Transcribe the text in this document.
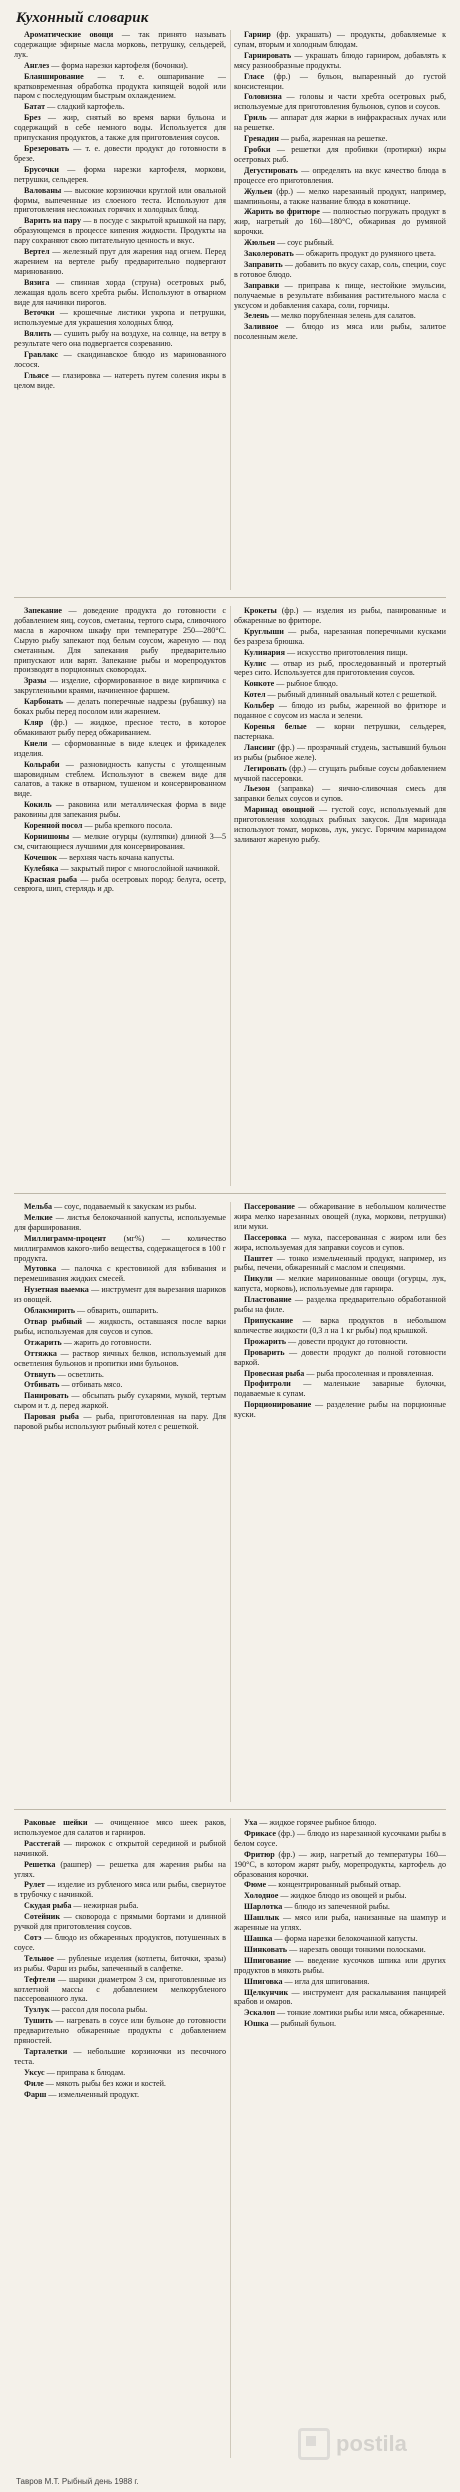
Кухонный словарик

Ароматические овощи — так принято называть содержащие эфирные масла морковь, петрушку, сельдерей, лук.

Англез — форма нарезки картофеля (бочонки).

Бланширование — т. е. ошпаривание — кратковременная обработка продукта кипящей водой или паром с последующим быстрым охлаждением.

Батат — сладкий картофель.

Брез — жир, снятый во время варки бульона и содержащий в себе немного воды. Используется для припускания продуктов, а также для приготовления соусов.

Брезеровать — т. е. довести продукт до готовности в брезе.

Брусочки — форма нарезки картофеля, моркови, петрушки, сельдерея.

Валованы — высокие корзиночки круглой или овальной формы, выпеченные из слоеного теста. Используют для приготовления несложных горячих и холодных блюд.

Варить на пару — в посуде с закрытой крышкой на пару, образующемся в процессе кипения жидкости. Продукты на пару сохраняют свою питательную ценность и вкус.

Вертел — железный прут для жарения над огнем. Перед жарением на вертеле рыбу предварительно подвергают маринованию.

Вязига — спинная хорда (струна) осетровых рыб, лежащая вдоль всего хребта рыбы. Используют в отварном виде для начинки пирогов.

Веточки — крошечные листики укропа и петрушки, используемые для украшения холодных блюд.

Вялить — сушить рыбу на воздухе, на солнце, на ветру в результате чего она подвергается созреванию.

Гравлакс — скандинавское блюдо из маринованного лосося.

Гльясе — глазировка — натереть путем соления икры в целом виде.

Гарнир (фр. украшать) — продукты, добавляемые к супам, вторым и холодным блюдам.

Гарнировать — украшать блюдо гарниром, добавлять к мясу разнообразные продукты.

Гласе (фр.) — бульон, выпаренный до густой консистенции.

Головизна — головы и части хребта осетровых рыб, используемые для приготовления бульонов, супов и соусов.

Гриль — аппарат для жарки в инфракрасных лучах или на решетке.

Гренадин — рыба, жаренная на решетке.

Гробки — решетки для пробивки (протирки) икры осетровых рыб.

Дегустировать — определять на вкус качество блюда в процессе его приготовления.

Жульен (фр.) — мелко нарезанный продукт, например, шампиньоны, а также название блюда в кокотнице.

Жарить во фритюре — полностью погружать продукт в жир, нагретый до 160—180°С, обжаривая до румяной корочки.

Жюльен — соус рыбный.

Заколеровать — обжарить продукт до румяного цвета.

Заправить — добавить по вкусу сахар, соль, специи, соус в готовое блюдо.

Заправки — приправа к пище, нестойкие эмульсии, получаемые в результате взбивания растительного масла с уксусом и добавления сахара, соли, горчицы.

Зелень — мелко порубленная зелень для салатов.

Заливное — блюдо из мяса или рыбы, залитое посоленным желе.

Запекание — доведение продукта до готовности с добавлением яиц, соусов, сметаны, тертого сыра, сливочного масла в жарочном шкафу при температуре 250—280°С. Сырую рыбу запекают под белым соусом, жареную — под сметанным. Для запекания рыбу предварительно припускают или варят. Запекание рыбы и морепродуктов производят в порционных сковородах.

Зразы — изделие, сформированное в виде кирпичика с закругленными краями, начиненное фаршем.

Карбонать — делать поперечные надрезы (рубашку) на боках рыбы перед посолом или жарением.

Кляр (фр.) — жидкое, пресное тесто, в которое обмакивают рыбу перед обжариванием.

Кнели — сформованные в виде клецек и фрикаделек изделия.

Кольраби — разновидность капусты с утолщенным шаровидным стеблем. Используют в свежем виде для салатов, а также в отварном, тушеном и консервированном виде.

Кокиль — раковина или металлическая форма в виде раковины для запекания рыбы.

Коренной посол — рыба крепкого посола.

Корнишоны — мелкие огурцы (култяпки) длиной 3—5 см, считающиеся лучшими для консервирования.

Кочешок — верхняя часть кочана капусты.

Кулебяка — закрытый пирог с многослойной начинкой.

Красная рыба — рыба осетровых пород: белуга, осетр, севрюга, шип, стерлядь и др.

Крокеты (фр.) — изделия из рыбы, панированные и обжаренные во фритюре.

Круглыши — рыба, нарезанная поперечными кусками без разреза брюшка.

Кулинария — искусство приготовления пищи.

Кулис — отвар из рыб, проследованный и протертый через сито. Используется для приготовления соусов.

Конкоте — рыбное блюдо.

Котел — рыбный длинный овальный котел с решеткой.

Кольбер — блюдо из рыбы, жаренной во фритюре и поданное с соусом из масла и зелени.

Коренья белые — корни петрушки, сельдерея, пастернака.

Лансинг (фр.) — прозрачный студень, застывший бульон из рыбы (рыбное желе).

Легировать (фр.) — сгущать рыбные соусы добавлением мучной пассеровки.

Льезон (заправка) — яично-сливочная смесь для заправки белых соусов и супов.

Маринад овощной — густой соус, используемый для приготовления холодных рыбных закусок. Для маринада используют томат, морковь, лук, уксус. Горячим маринадом заливают жареную рыбу.

Мельба — соус, подаваемый к закускам из рыбы.

Мелкие — листья белокочанной капусты, используемые для фарширования.

Миллиграмм-процент (мг%) — количество миллиграммов какого-либо вещества, содержащегося в 100 г продукта.

Мутовка — палочка с крестовиной для взбивания и перемешивания жидких смесей.

Нузетная выемка — инструмент для вырезания шариков из овощей.

Облакмирить — обварить, ошпарить.

Отвар рыбный — жидкость, оставшаяся после варки рыбы, используемая для соусов и супов.

Отжарить — жарить до готовности.

Оттяжка — раствор яичных белков, используемый для осветления бульонов и пропитки ими бульонов.

Отвнуть — осветлить.

Отбивать — отбивать мясо.

Панировать — обсыпать рыбу сухарями, мукой, тертым сыром и т. д. перед жаркой.

Паровая рыба — рыба, приготовленная на пару. Для паровой рыбы используют рыбный котел с решеткой.

Пассерование — обжаривание в небольшом количестве жира мелко нарезанных овощей (лука, моркови, петрушки) или муки.

Пассеровка — мука, пассерованная с жиром или без жира, используемая для заправки соусов и супов.

Паштет — тонко измельченный продукт, например, из рыбы, печени, обжаренный с маслом и специями.

Пикули — мелкие маринованные овощи (огурцы, лук, капуста, морковь), используемые для гарнира.

Пластование — разделка предварительно обработанной рыбы на филе.

Припускание — варка продуктов в небольшом количестве жидкости (0,3 л на 1 кг рыбы) под крышкой.

Прожарить — довести продукт до готовности.

Проварить — довести продукт до полной готовности варкой.

Провесная рыба — рыба просоленная и провяленная.

Профитроли — маленькие заварные булочки, подаваемые к супам.

Порционирование — разделение рыбы на порционные куски.

Раковые шейки — очищенное мясо шеек раков, используемое для салатов и гарниров.

Расстегай — пирожок с открытой серединой и рыбной начинкой.

Решетка (рашпер) — решетка для жарения рыбы на углях.

Рулет — изделие из рубленого мяса или рыбы, свернутое в трубочку с начинкой.

Скудая рыба — нежирная рыба.

Сотейник — сковорода с прямыми бортами и длинной ручкой для приготовления соусов.

Сотэ — блюдо из обжаренных продуктов, потушенных в соусе.

Тельное — рубленые изделия (котлеты, биточки, зразы) из рыбы. Фарш из рыбы, запеченный в салфетке.

Тефтели — шарики диаметром 3 см, приготовленные из котлетной массы с добавлением мелкорубленого пассерованного лука.

Тузлук — рассол для посола рыбы.

Тушить — нагревать в соусе или бульоне до готовности предварительно обжаренные продукты с добавлением пряностей.

Тарталетки — небольшие корзиночки из песочного теста.

Уксус — приправа к блюдам.

Филе — мякоть рыбы без кожи и костей.

Фарш — измельченный продукт.

Уха — жидкое горячее рыбное блюдо.

Фрикасе (фр.) — блюдо из нарезанной кусочками рыбы в белом соусе.

Фритюр (фр.) — жир, нагретый до температуры 160—190°С, в котором жарят рыбу, морепродукты, картофель до образования корочки.

Фюме — концентрированный рыбный отвар.

Холодное — жидкое блюдо из овощей и рыбы.

Шарлотка — блюдо из запеченной рыбы.

Шашлык — мясо или рыба, нанизанные на шампур и жаренные на углях.

Шашка — форма нарезки белокочанной капусты.

Шинковать — нарезать овощи тонкими полосками.

Шпигование — введение кусочков шпика или других продуктов в мякоть рыбы.

Шпиговка — игла для шпигования.

Щелкунчик — инструмент для раскалывания панцирей крабов и омаров.

Эскалоп — тонкие ломтики рыбы или мяса, обжаренные.

Юшка — рыбный бульон.

postila
Тавров М.Т. Рыбный день 1988 г.
